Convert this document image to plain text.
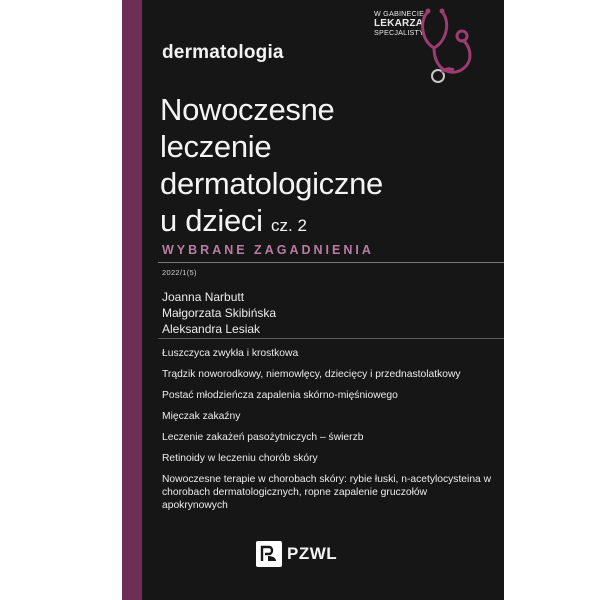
dermatologia
W GABINECIE
LEKARZA
SPECJALISTY
Nowoczesne
leczenie
dermatologiczne
u dzieci cz. 2
WYBRANE ZAGADNIENIA
2022/1(5)
Joanna Narbutt
Małgorzata Skibińska
Aleksandra Lesiak
Łuszczyca zwykła i krostkowa
Trądzik noworodkowy, niemowlęcy, dziecięcy i przednastolatkowy
Postać młodzieńcza zapalenia skórno-mięśniowego
Mięczak zakaźny
Leczenie zakażeń pasożytniczych – świerzb
Retinoidy w leczeniu chorób skóry
Nowoczesne terapie w chorobach skóry: rybie łuski, n-acetylocysteina w chorobach dermatologicznych, ropne zapalenie gruczołów apokrynowych
PZWL
